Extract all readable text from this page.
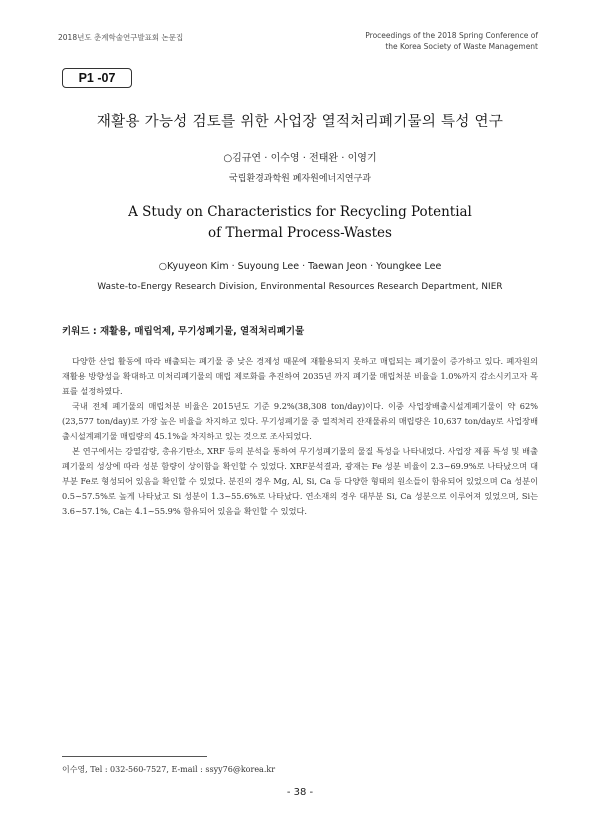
2018년도 춘계학술연구발표회 논문집	Proceedings of the 2018 Spring Conference of
the Korea Society of Waste Management
P1 -07
재활용 가능성 검토를 위한 사업장 열적처리폐기물의 특성 연구
○김규연 · 이수영 · 전태완 · 이영기
국립환경과학원 폐자원에너지연구과
A Study on Characteristics for Recycling Potential
of Thermal Process-Wastes
○Kyuyeon Kim · Suyoung Lee · Taewan Jeon · Youngkee Lee
Waste-to-Energy Research Division, Environmental Resources Research Department, NIER
키워드 : 재활용, 매립억제, 무기성폐기물, 열적처리폐기물

다양한 산업 활동에 따라 배출되는 폐기물 중 낮은 경제성 때문에 재활용되지 못하고 매립되는 폐기물이 증가하고 있다. 폐자원의 재활용 방향성을 확대하고 미처리폐기물의 매립 제로화를 추진하여 2035년 까지 폐기물 매립처분 비율을 1.0%까지 감소시키고자 목표를 설정하였다.

국내 전체 폐기물의 매립처분 비율은 2015년도 기준 9.2%(38,308 ton/day)이다. 이중 사업장배출시설계폐기물이 약 62%(23,577 ton/day)로 가장 높은 비율을 차지하고 있다. 무기성폐기물 중 열적처리 잔재물류의 매립량은 10,637 ton/day로 사업장배출시설계폐기물 매립량의 45.1%을 차지하고 있는 것으로 조사되었다.

본 연구에서는 강열감량, 총유기탄소, XRF 등의 분석을 통하여 무기성폐기물의 물질 특성을 나타내었다. 사업장 제품 특성 및 배출 폐기물의 성상에 따라 성분 함량이 상이함을 확인할 수 있었다. XRF분석결과, 광재는 Fe 성분 비율이 2.3~69.9%로 나타났으며 대부분 Fe로 형성되어 있음을 확인할 수 있었다. 분진의 경우 Mg, Al, Si, Ca 등 다양한 형태의 원소들이 함유되어 있었으며 Ca 성분이 0.5~57.5%로 높게 나타났고 Si 성분이 1.3~55.6%로 나타났다. 연소재의 경우 대부분 Si, Ca 성분으로 이루어져 있었으며, Si는 3.6~57.1%, Ca는 4.1~55.9% 함유되어 있음을 확인할 수 있었다.

이수영, Tel : 032-560-7527, E-mail : ssyy76@korea.kr
- 38 -
